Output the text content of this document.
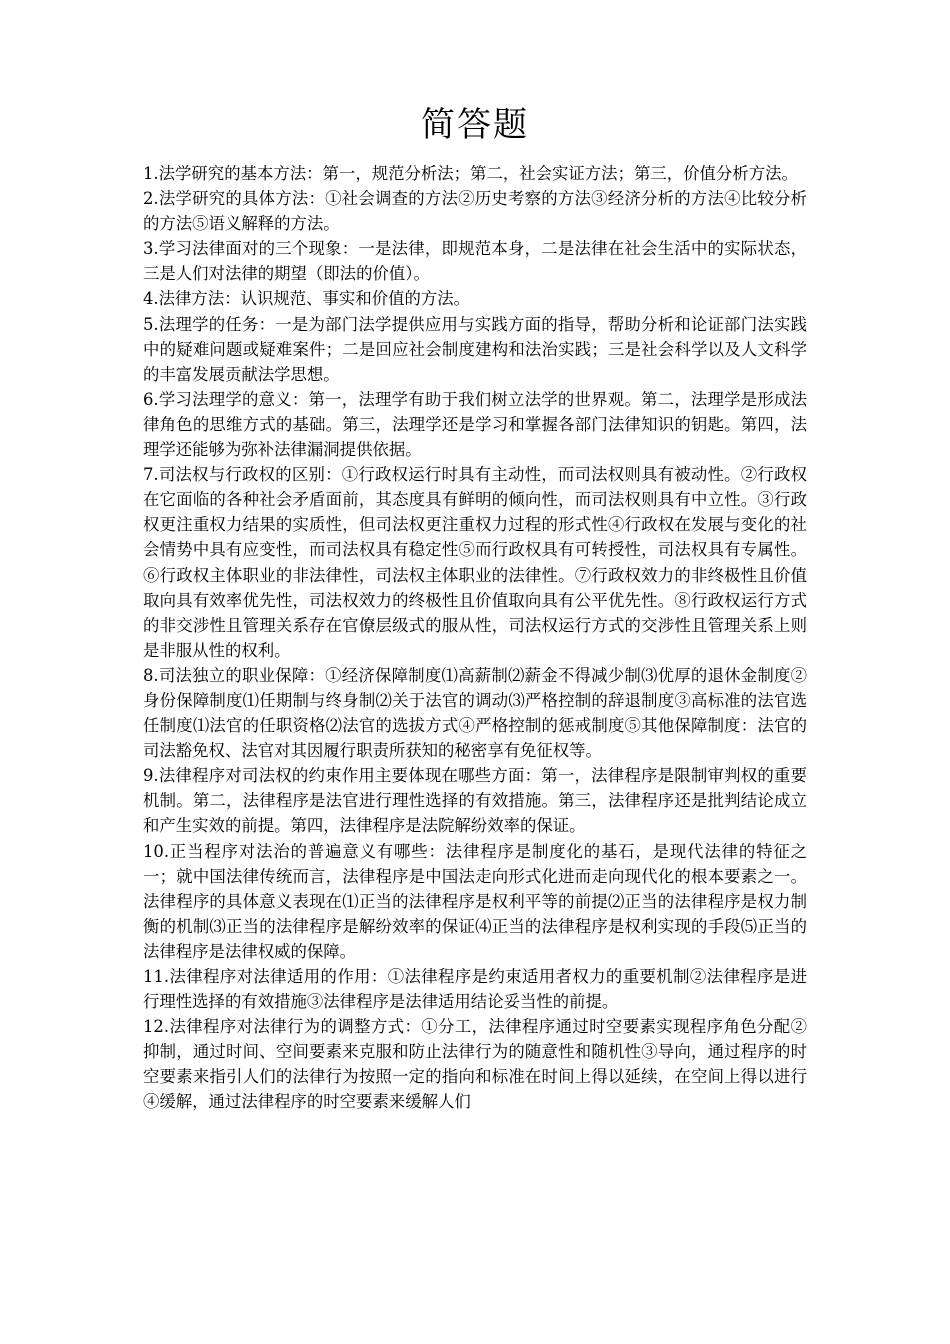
简答题

1.法学研究的基本方法：第一，规范分析法；第二，社会实证方法；第三，价值分析方法。

2.法学研究的具体方法：①社会调查的方法②历史考察的方法③经济分析的方法④比较分析的方法⑤语义解释的方法。

3.学习法律面对的三个现象：一是法律，即规范本身，二是法律在社会生活中的实际状态，三是人们对法律的期望（即法的价值）。

4.法律方法：认识规范、事实和价值的方法。

5.法理学的任务：一是为部门法学提供应用与实践方面的指导，帮助分析和论证部门法实践中的疑难问题或疑难案件；二是回应社会制度建构和法治实践；三是社会科学以及人文科学的丰富发展贡献法学思想。

6.学习法理学的意义：第一，法理学有助于我们树立法学的世界观。第二，法理学是形成法律角色的思维方式的基础。第三，法理学还是学习和掌握各部门法律知识的钥匙。第四，法理学还能够为弥补法律漏洞提供依据。

7.司法权与行政权的区别：①行政权运行时具有主动性，而司法权则具有被动性。②行政权在它面临的各种社会矛盾面前，其态度具有鲜明的倾向性，而司法权则具有中立性。③行政权更注重权力结果的实质性，但司法权更注重权力过程的形式性④行政权在发展与变化的社会情势中具有应变性，而司法权具有稳定性⑤而行政权具有可转授性，司法权具有专属性。⑥行政权主体职业的非法律性，司法权主体职业的法律性。⑦行政权效力的非终极性且价值取向具有效率优先性，司法权效力的终极性且价值取向具有公平优先性。⑧行政权运行方式的非交涉性且管理关系存在官僚层级式的服从性，司法权运行方式的交涉性且管理关系上则是非服从性的权利。

8.司法独立的职业保障：①经济保障制度⑴高薪制⑵薪金不得减少制⑶优厚的退休金制度②身份保障制度⑴任期制与终身制⑵关于法官的调动⑶严格控制的辞退制度③高标准的法官选任制度⑴法官的任职资格⑵法官的选拔方式④严格控制的惩戒制度⑤其他保障制度：法官的司法豁免权、法官对其因履行职责所获知的秘密享有免征权等。

9.法律程序对司法权的约束作用主要体现在哪些方面：第一，法律程序是限制审判权的重要机制。第二，法律程序是法官进行理性选择的有效措施。第三，法律程序还是批判结论成立和产生实效的前提。第四，法律程序是法院解纷效率的保证。

10.正当程序对法治的普遍意义有哪些：法律程序是制度化的基石，是现代法律的特征之一；就中国法律传统而言，法律程序是中国法走向形式化进而走向现代化的根本要素之一。法律程序的具体意义表现在⑴正当的法律程序是权利平等的前提⑵正当的法律程序是权力制衡的机制⑶正当的法律程序是解纷效率的保证⑷正当的法律程序是权利实现的手段⑸正当的法律程序是法律权威的保障。

11.法律程序对法律适用的作用：①法律程序是约束适用者权力的重要机制②法律程序是进行理性选择的有效措施③法律程序是法律适用结论妥当性的前提。

12.法律程序对法律行为的调整方式：①分工，法律程序通过时空要素实现程序角色分配②抑制，通过时间、空间要素来克服和防止法律行为的随意性和随机性③导向，通过程序的时空要素来指引人们的法律行为按照一定的指向和标准在时间上得以延续，在空间上得以进行④缓解，通过法律程序的时空要素来缓解人们
